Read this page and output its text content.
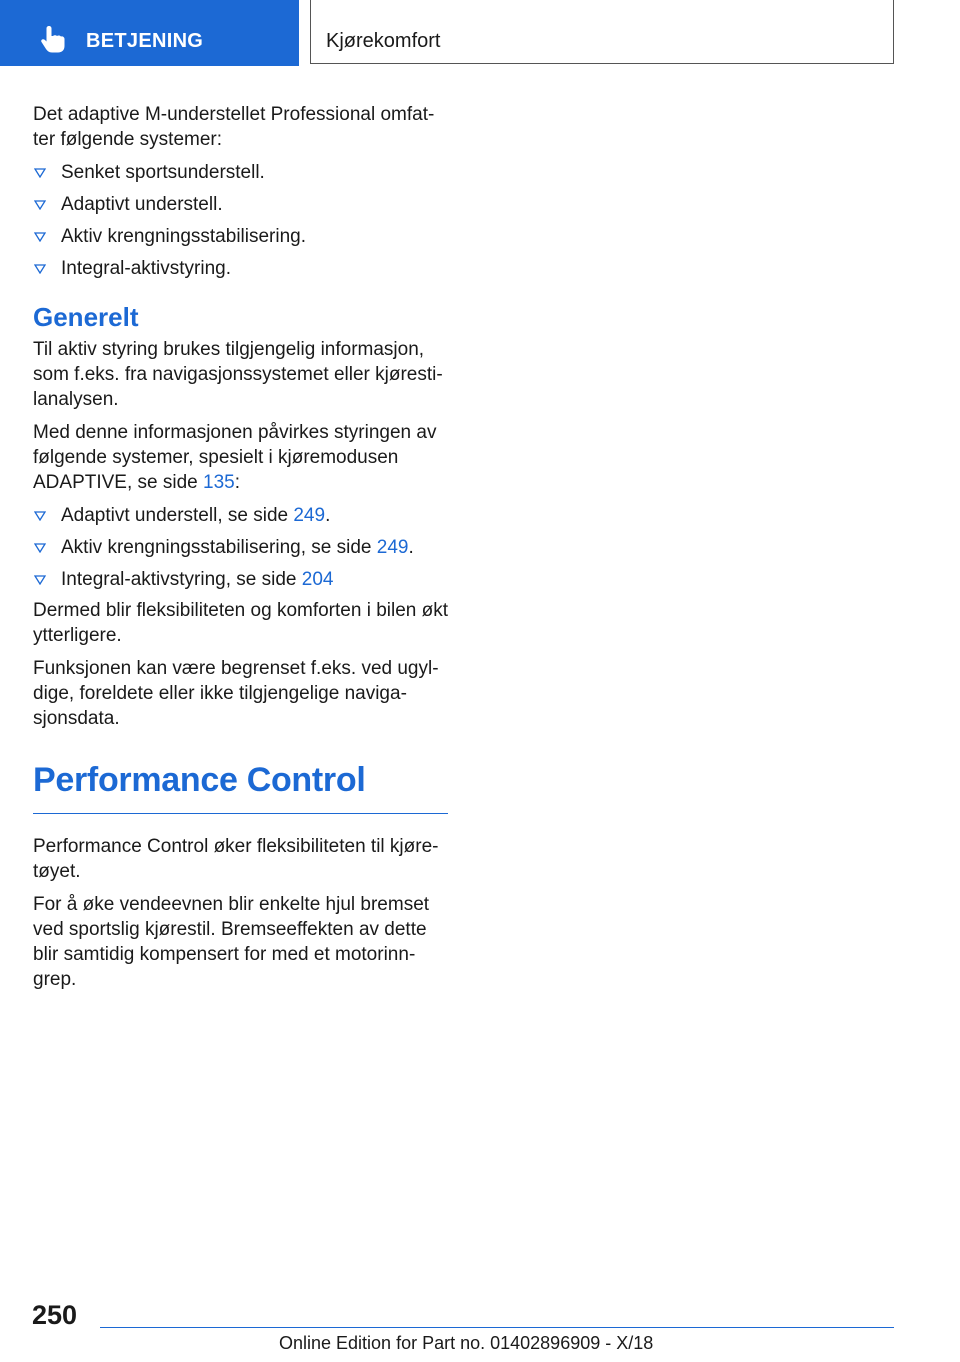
BETJENING	Kjørekomfort

Det adaptive M-understellet Professional omfatter følgende systemer:

Senket sportsunderstell.
Adaptivt understell.
Aktiv krengningsstabilisering.
Integral-aktivstyring.
Generelt

Til aktiv styring brukes tilgjengelig informasjon, som f.eks. fra navigasjonssystemet eller kjørestilanalysen.

Med denne informasjonen påvirkes styringen av følgende systemer, spesielt i kjøremodusen ADAPTIVE, se side 135:

Adaptivt understell, se side 249.
Aktiv krengningsstabilisering, se side 249.
Integral-aktivstyring, se side 204

Dermed blir fleksibiliteten og komforten i bilen økt ytterligere.

Funksjonen kan være begrenset f.eks. ved ugyldige, foreldete eller ikke tilgjengelige navigasjonsdata.

Performance Control

Performance Control øker fleksibiliteten til kjøretøyet.

For å øke vendeevnen blir enkelte hjul bremset ved sportslig kjørestil. Bremseeffekten av dette blir samtidig kompensert for med et motorinngrep.

250
Online Edition for Part no. 01402896909 - X/18
